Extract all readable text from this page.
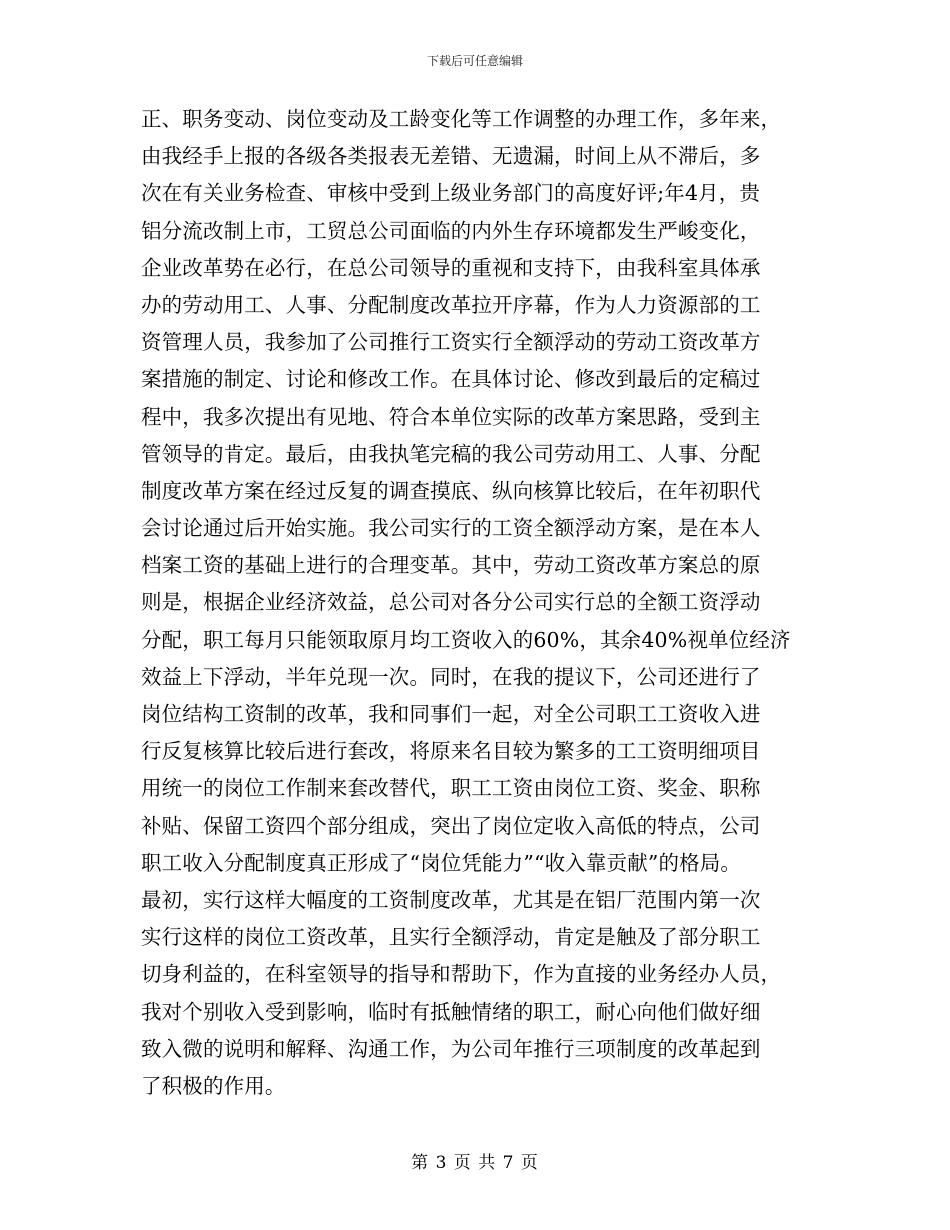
下载后可任意编辑
正、职务变动、岗位变动及工龄变化等工作调整的办理工作，多年来，
由我经手上报的各级各类报表无差错、无遗漏，时间上从不滞后，多
次在有关业务检查、审核中受到上级业务部门的高度好评;年4月，贵
铝分流改制上市，工贸总公司面临的内外生存环境都发生严峻变化，
企业改革势在必行，在总公司领导的重视和支持下，由我科室具体承
办的劳动用工、人事、分配制度改革拉开序幕，作为人力资源部的工
资管理人员，我参加了公司推行工资实行全额浮动的劳动工资改革方
案措施的制定、讨论和修改工作。在具体讨论、修改到最后的定稿过
程中，我多次提出有见地、符合本单位实际的改革方案思路，受到主
管领导的肯定。最后，由我执笔完稿的我公司劳动用工、人事、分配
制度改革方案在经过反复的调查摸底、纵向核算比较后，在年初职代
会讨论通过后开始实施。我公司实行的工资全额浮动方案，是在本人
档案工资的基础上进行的合理变革。其中，劳动工资改革方案总的原
则是，根据企业经济效益，总公司对各分公司实行总的全额工资浮动
分配，职工每月只能领取原月均工资收入的60%，其余40%视单位经济
效益上下浮动，半年兑现一次。同时，在我的提议下，公司还进行了
岗位结构工资制的改革，我和同事们一起，对全公司职工工资收入进
行反复核算比较后进行套改，将原来名目较为繁多的工工资明细项目
用统一的岗位工作制来套改替代，职工工资由岗位工资、奖金、职称
补贴、保留工资四个部分组成，突出了岗位定收入高低的特点，公司
职工收入分配制度真正形成了“岗位凭能力”“收入靠贡献”的格局。
最初，实行这样大幅度的工资制度改革，尤其是在铝厂范围内第一次
实行这样的岗位工资改革，且实行全额浮动，肯定是触及了部分职工
切身利益的，在科室领导的指导和帮助下，作为直接的业务经办人员，
我对个别收入受到影响，临时有抵触情绪的职工，耐心向他们做好细
致入微的说明和解释、沟通工作，为公司年推行三项制度的改革起到
了积极的作用。
第 3 页 共 7 页
